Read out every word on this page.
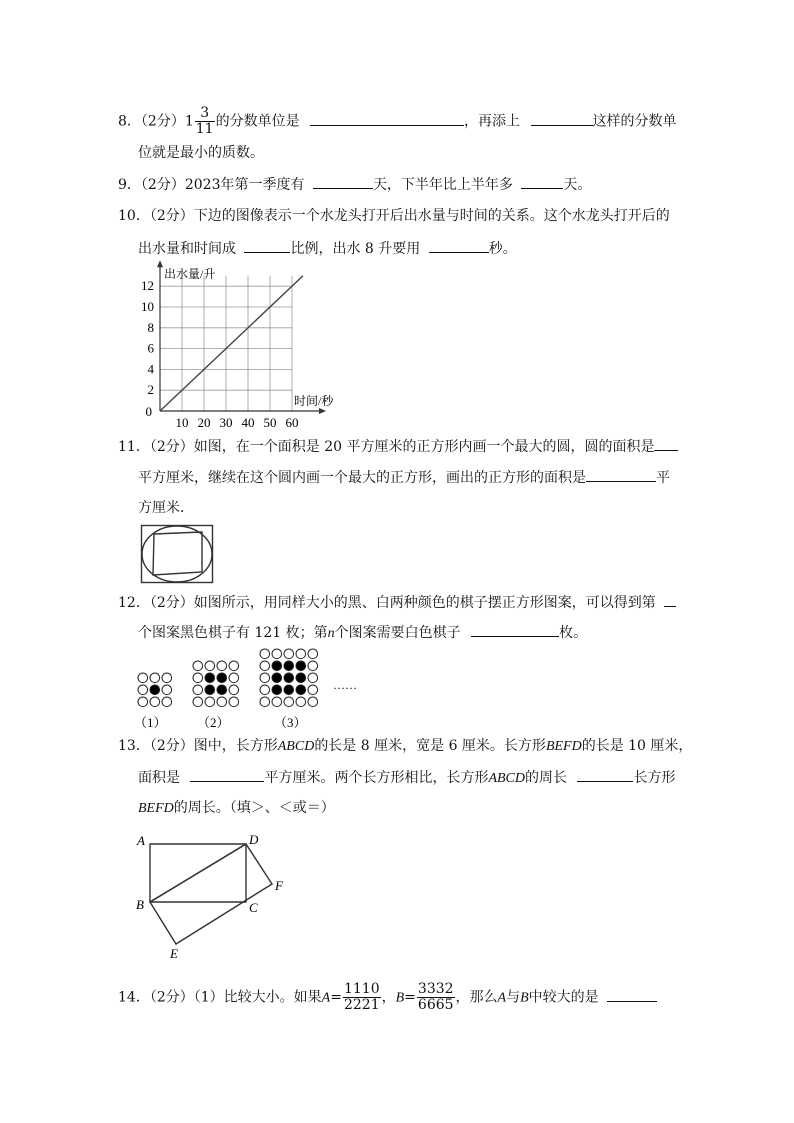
8．（2分）$1 \frac{3}{11}$ 的分数单位是	，再添上	这样的分数单
位就是最小的质数。
9．（2分）2023年第一季度有	天，下半年比上半年多	天。
10．（2分）下边的图像表示一个水龙头打开后出水量与时间的关系。这个水龙头打开后的
出水量和时间成	比例，出水 8 升要用	秒。
10 20 30 40 50 60
2
4
6
8
10
12
0
出水量/升
时间/秒
11．（2分）如图，在一个面积是 20 平方厘米的正方形内画一个最大的圆，圆的面积是
平方厘米，继续在这个圆内画一个最大的正方形，画出的正方形的面积是	平
方厘米．
12．（2分）如图所示，用同样大小的黑、白两种颜色的棋子摆正方形图案，可以得到第
个图案黑色棋子有 121 枚；第n个图案需要白色棋子	枚。
……
（1） （2）	（3）
13．（2分）图中，长方形ABCD的长是 8 厘米，宽是 6 厘米。长方形BEFD的长是 10 厘米，
面积是	平方厘米。两个长方形相比，长方形ABCD的周长	长方形
BEFD的周长。（填＞、＜或＝）
A	D
F
B	C
E
14．（2分）（1）比较大小。如果$A= \frac{1110}{2221}$ ，$B= \frac{3332}{6665}$ ，那么A与B中较大的是
